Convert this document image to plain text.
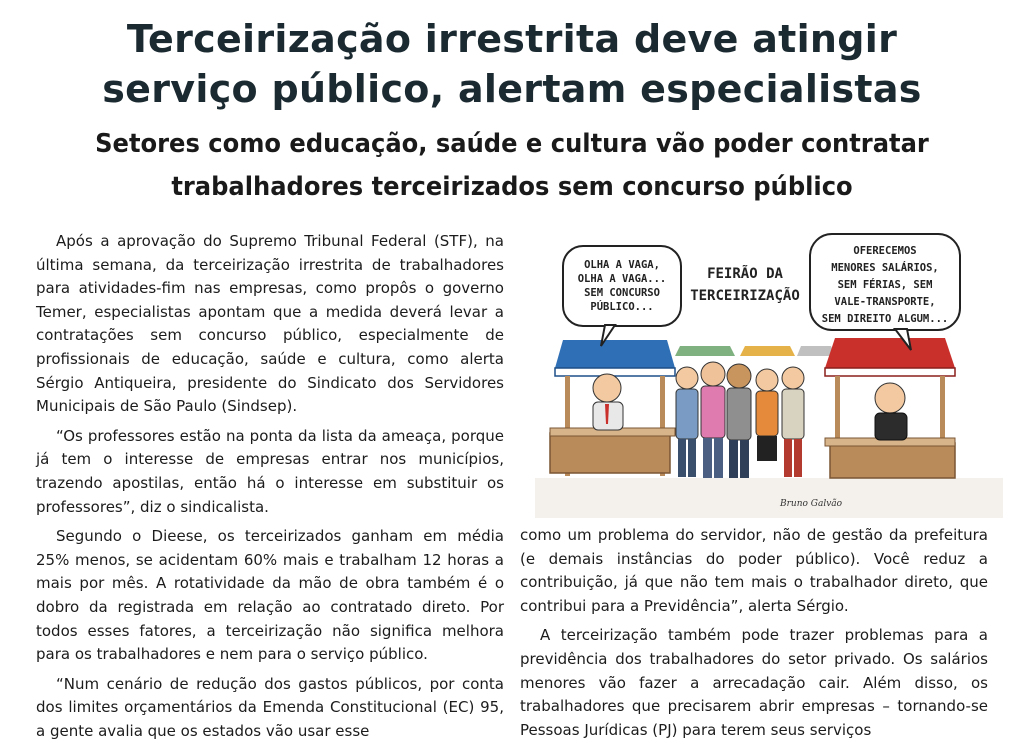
Terceirização irrestrita deve atingir
serviço público, alertam especialistas
Setores como educação, saúde e cultura vão poder contratar
trabalhadores terceirizados sem concurso público

Após a aprovação do Supremo Tribunal Federal (STF), na última semana, da terceirização irrestrita de trabalhadores para atividades-fim nas empresas, como propôs o governo Temer, especialistas apontam que a medida deverá levar a contratações sem concurso público, especialmente de profissionais de educação, saúde e cultura, como alerta Sérgio Antiqueira, presidente do Sindicato dos Servidores Municipais de São Paulo (Sindsep).

“Os professores estão na ponta da lista da ameaça, porque já tem o interesse de empresas entrar nos municípios, trazendo apostilas, então há o interesse em substituir os professores”, diz o sindicalista.

Segundo o Dieese, os terceirizados ganham em média 25% menos, se acidentam 60% mais e trabalham 12 horas a mais por mês. A rotatividade da mão de obra também é o dobro da registrada em relação ao contratado direto. Por todos esses fatores, a terceirização não significa melhora para os trabalhadores e nem para o serviço público.

“Num cenário de redução dos gastos públicos, por conta dos limites orçamentários da Emenda Constitucional (EC) 95, a gente avalia que os estados vão usar esse

OLHA A VAGA,
OLHA A VAGA...
SEM CONCURSO
PÚBLICO...
FEIRÃO DA
TERCEIRIZAÇÃO
OFERECEMOS
MENORES SALÁRIOS,
SEM FÉRIAS, SEM
VALE-TRANSPORTE,
SEM DIREITO ALGUM...
Bruno Galvão

como um problema do servidor, não de gestão da prefeitura (e demais instâncias do poder público). Você reduz a contribuição, já que não tem mais o trabalhador direto, que contribui para a Previdência”, alerta Sérgio.

A terceirização também pode trazer problemas para a previdência dos trabalhadores do setor privado. Os salários menores vão fazer a arrecadação cair. Além disso, os trabalhadores que precisarem abrir empresas – tornando-se Pessoas Jurídicas (PJ) para terem seus serviços
